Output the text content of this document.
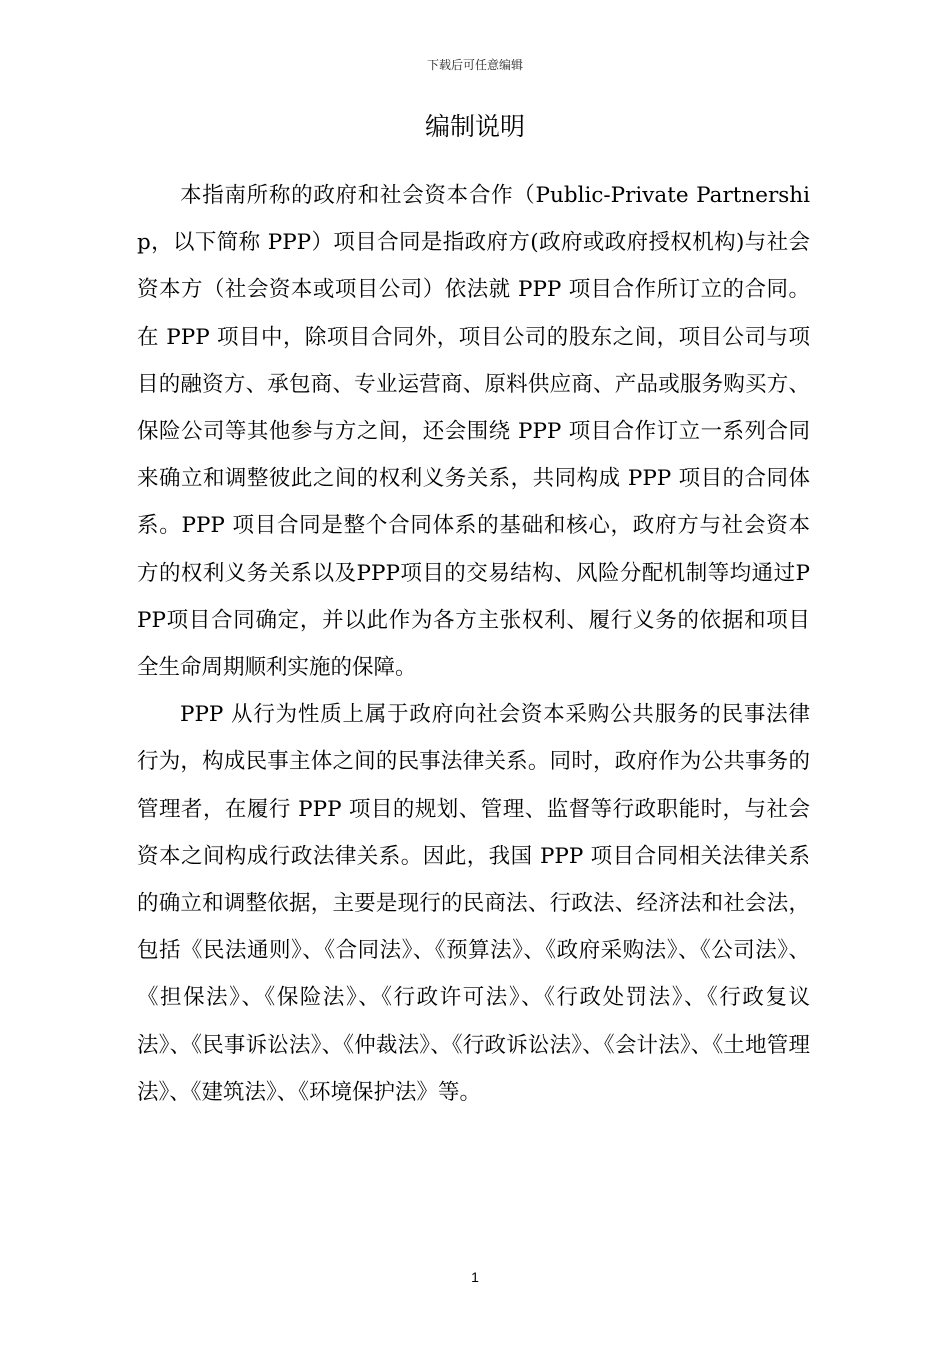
下载后可任意编辑
编制说明

本指南所称的政府和社会资本合作（Public-Private Partnership，以下简称 PPP）项目合同是指政府方(政府或政府授权机构)与社会资本方（社会资本或项目公司）依法就 PPP 项目合作所订立的合同。在 PPP 项目中，除项目合同外，项目公司的股东之间，项目公司与项目的融资方、承包商、专业运营商、原料供应商、产品或服务购买方、保险公司等其他参与方之间，还会围绕 PPP 项目合作订立一系列合同来确立和调整彼此之间的权利义务关系，共同构成 PPP 项目的合同体系。PPP 项目合同是整个合同体系的基础和核心，政府方与社会资本方的权利义务关系以及PPP项目的交易结构、风险分配机制等均通过PPP项目合同确定，并以此作为各方主张权利、履行义务的依据和项目全生命周期顺利实施的保障。

PPP 从行为性质上属于政府向社会资本采购公共服务的民事法律行为，构成民事主体之间的民事法律关系。同时，政府作为公共事务的管理者，在履行 PPP 项目的规划、管理、监督等行政职能时，与社会资本之间构成行政法律关系。因此，我国 PPP 项目合同相关法律关系的确立和调整依据，主要是现行的民商法、行政法、经济法和社会法，包括《民法通则》、《合同法》、《预算法》、《政府采购法》、《公司法》、《担保法》、《保险法》、《行政许可法》、《行政处罚法》、《行政复议法》、《民事诉讼法》、《仲裁法》、《行政诉讼法》、《会计法》、《土地管理法》、《建筑法》、《环境保护法》等。

1
